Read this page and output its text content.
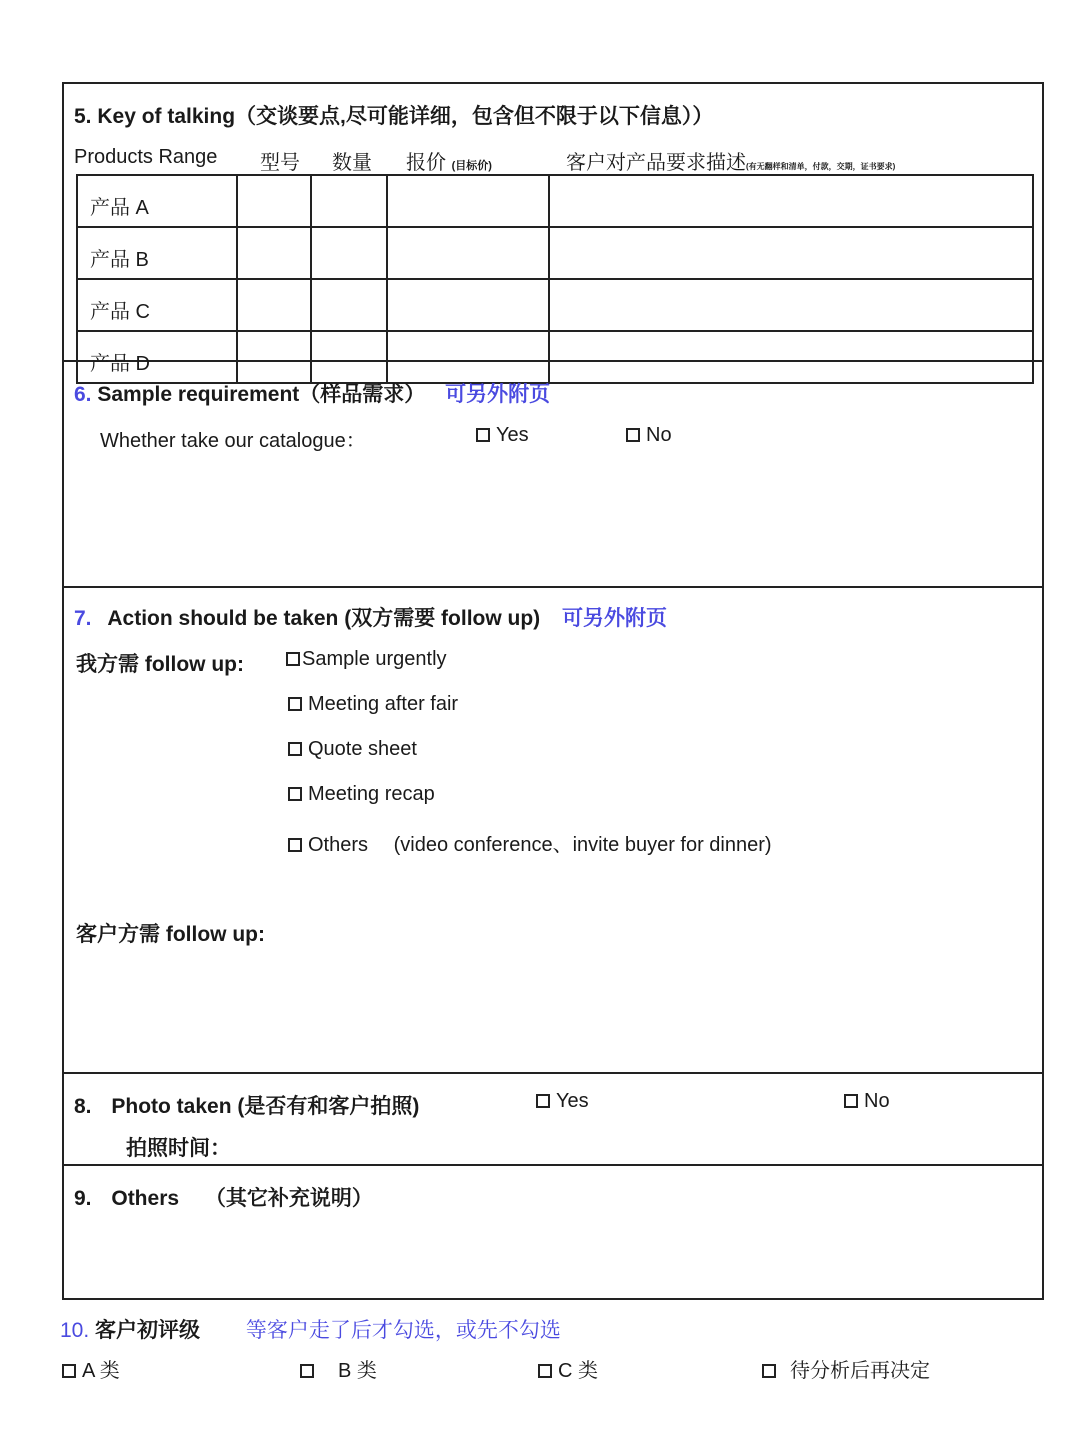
5. Key of talking（交谈要点,尽可能详细，包含但不限于以下信息））
Products Range 型号 数量 报价 (目标价)	客户对产品要求描述(有无翻样和清单，付款，交期，证书要求)
产品 A				
产品 B				
产品 C				
产品 D				
6. Sample requirement（样品需求） 可另外附页
Whether take our catalogue：	Yes	No
7. Action should be taken (双方需要 follow up) 可另外附页
我方需 follow up:	Sample urgently
Meeting after fair
Quote sheet
Meeting recap
Others (video conference、invite buyer for dinner)
客户方需 follow up:
8. Photo taken (是否有和客户拍照)	Yes	No
拍照时间：
9. Others （其它补充说明）
10. 客户初评级 等客户走了后才勾选，或先不勾选
A 类	B 类	C 类	待分析后再决定
